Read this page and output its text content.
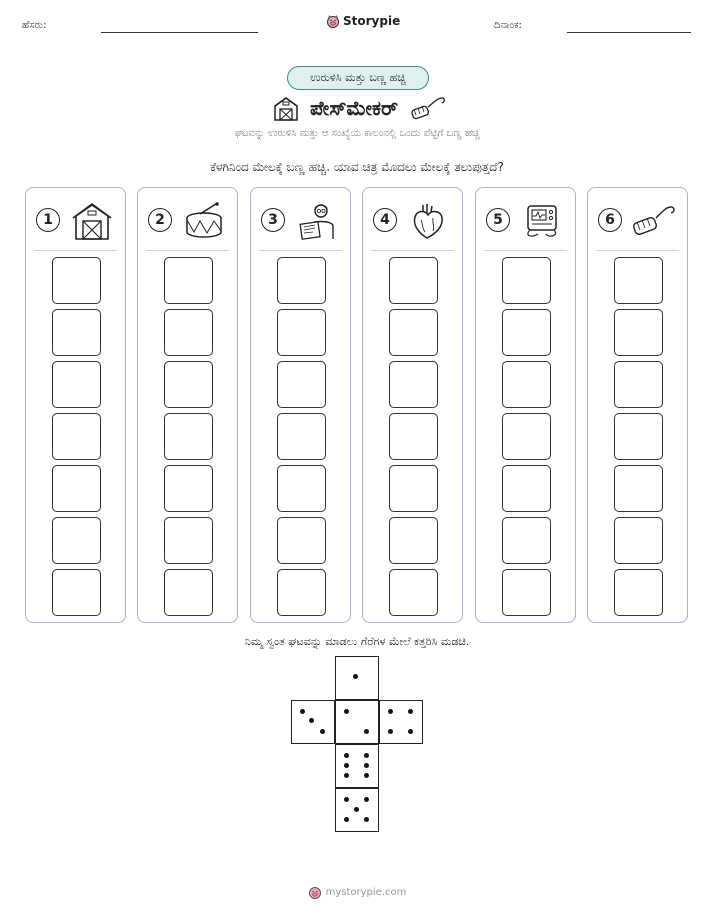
ಹೆಸರು:	Storypie	ದಿನಾಂಕ:
ಉರುಳಿಸಿ ಮತ್ತು ಬಣ್ಣ ಹಚ್ಚಿ
ಪೇಸ್‌ಮೇಕರ್
ಘಟವನ್ನು ಉರುಳಿಸಿ ಮತ್ತು ಆ ಸಂಖ್ಯೆಯ ಕಾಲಂನಲ್ಲಿ ಒಂದು ಪೆಟ್ಟಿಗೆ ಬಣ್ಣ ಹಚ್ಚಿ
ಕೆಳಗಿನಿಂದ ಮೇಲಕ್ಕೆ ಬಣ್ಣ ಹಚ್ಚಿ. ಯಾವ ಚಿತ್ರ ಮೊದಲು ಮೇಲಕ್ಕೆ ತಲುಪುತ್ತದೆ?
1	2	3	4	5	6
ನಿಮ್ಮ ಸ್ವಂತ ಘಟವನ್ನು ಮಾಡಲು ಗೆರೆಗಳ ಮೇಲೆ ಕತ್ತರಿಸಿ ಮಡಚಿ.
mystorypie.com
